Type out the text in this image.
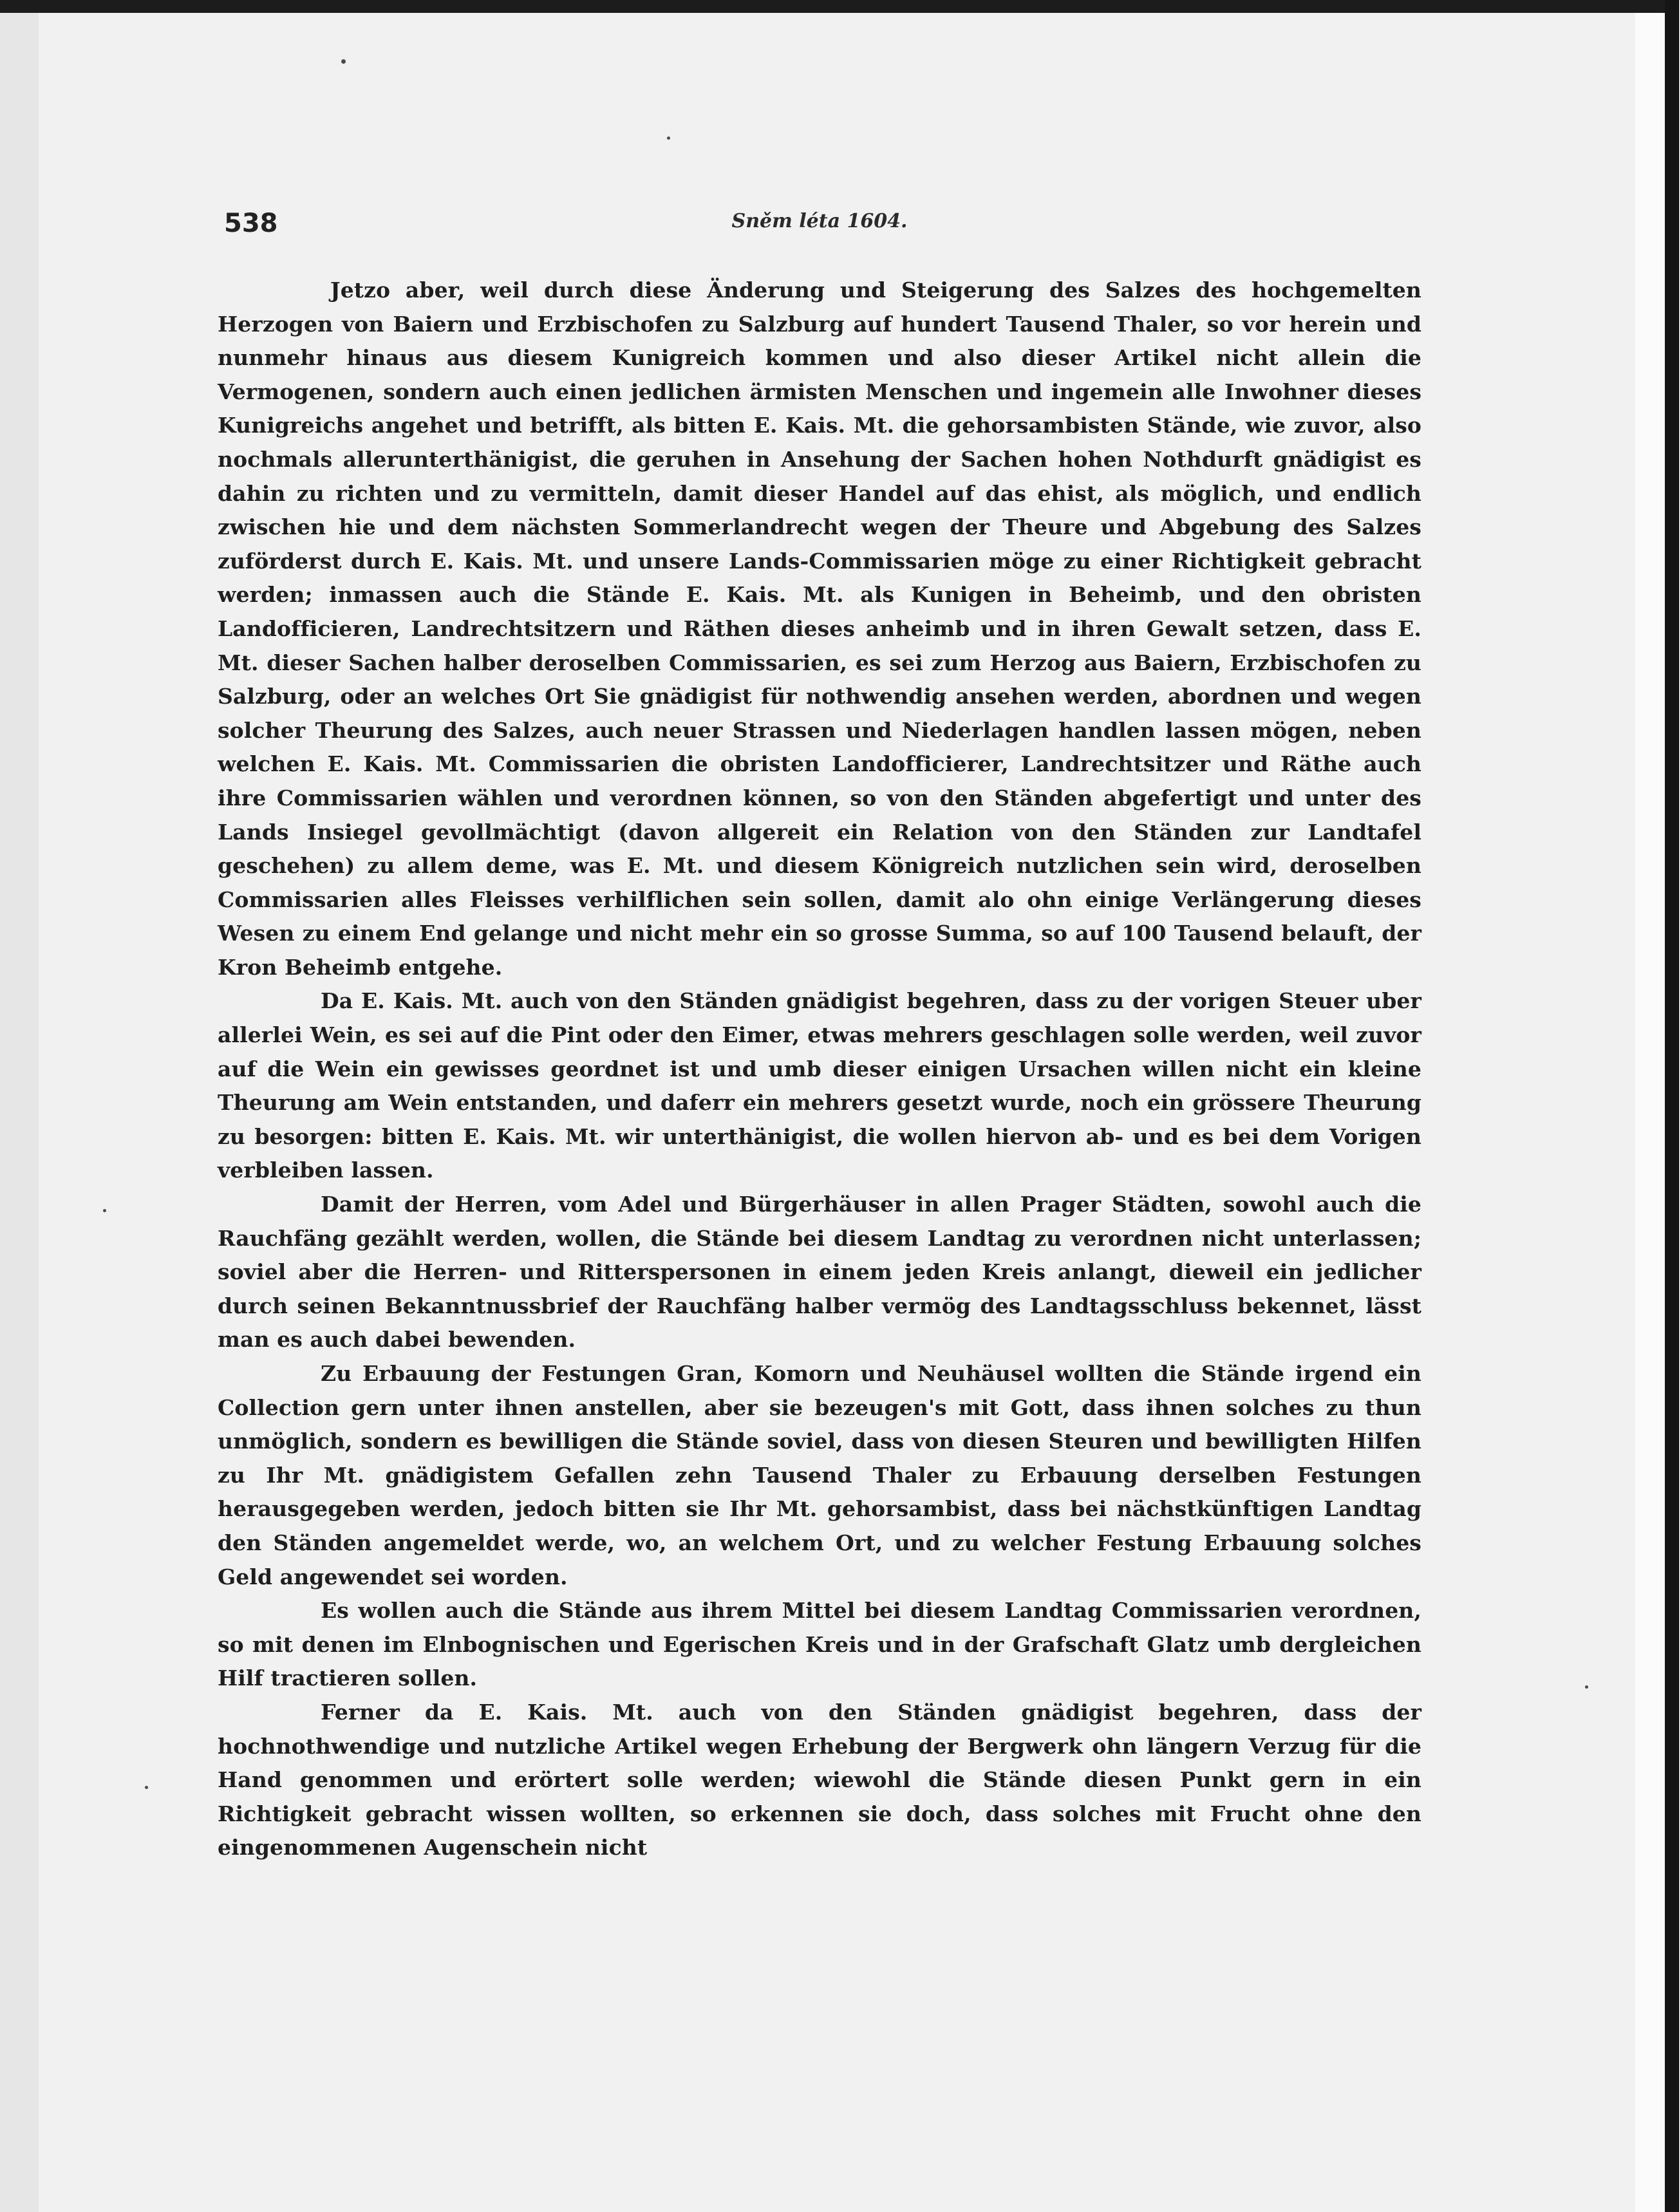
538	Sněm léta 1604.

Jetzo aber, weil durch diese Änderung und Steigerung des Salzes des hochgemelten Herzogen von Baiern und Erzbischofen zu Salzburg auf hundert Tausend Thaler, so vor herein und nunmehr hinaus aus diesem Kunigreich kommen und also dieser Artikel nicht allein die Vermogenen, sondern auch einen jedlichen ärmisten Menschen und ingemein alle Inwohner dieses Kunigreichs angehet und betrifft, als bitten E. Kais. Mt. die gehorsambisten Stände, wie zuvor, also nochmals allerunterthänigist, die geruhen in Ansehung der Sachen hohen Nothdurft gnädigist es dahin zu richten und zu vermitteln, damit dieser Handel auf das ehist, als möglich, und endlich zwischen hie und dem nächsten Sommerlandrecht wegen der Theure und Abgebung des Salzes zuförderst durch E. Kais. Mt. und unsere Lands-Commissarien möge zu einer Richtigkeit gebracht werden; inmassen auch die Stände E. Kais. Mt. als Kunigen in Beheimb, und den obristen Landofficieren, Landrechtsitzern und Räthen dieses anheimb und in ihren Gewalt setzen, dass E. Mt. dieser Sachen halber deroselben Commissarien, es sei zum Herzog aus Baiern, Erzbischofen zu Salzburg, oder an welches Ort Sie gnädigist für nothwendig ansehen werden, abordnen und wegen solcher Theurung des Salzes, auch neuer Strassen und Niederlagen handlen lassen mögen, neben welchen E. Kais. Mt. Commissarien die obristen Landofficierer, Landrechtsitzer und Räthe auch ihre Commissarien wählen und verordnen können, so von den Ständen abgefertigt und unter des Lands Insiegel gevollmächtigt (davon allgereit ein Relation von den Ständen zur Landtafel geschehen) zu allem deme, was E. Mt. und diesem Königreich nutzlichen sein wird, deroselben Commissarien alles Fleisses verhilflichen sein sollen, damit alo ohn einige Verlängerung dieses Wesen zu einem End gelange und nicht mehr ein so grosse Summa, so auf 100 Tausend belauft, der Kron Beheimb entgehe.

Da E. Kais. Mt. auch von den Ständen gnädigist begehren, dass zu der vorigen Steuer uber allerlei Wein, es sei auf die Pint oder den Eimer, etwas mehrers geschlagen solle werden, weil zuvor auf die Wein ein gewisses geordnet ist und umb dieser einigen Ursachen willen nicht ein kleine Theurung am Wein entstanden, und daferr ein mehrers gesetzt wurde, noch ein grössere Theurung zu besorgen: bitten E. Kais. Mt. wir unterthänigist, die wollen hiervon ab- und es bei dem Vorigen verbleiben lassen.

Damit der Herren, vom Adel und Bürgerhäuser in allen Prager Städten, sowohl auch die Rauchfäng gezählt werden, wollen, die Stände bei diesem Landtag zu verordnen nicht unterlassen; soviel aber die Herren- und Ritterspersonen in einem jeden Kreis anlangt, dieweil ein jedlicher durch seinen Bekanntnussbrief der Rauchfäng halber vermög des Landtagsschluss bekennet, lässt man es auch dabei bewenden.

Zu Erbauung der Festungen Gran, Komorn und Neuhäusel wollten die Stände irgend ein Collection gern unter ihnen anstellen, aber sie bezeugen's mit Gott, dass ihnen solches zu thun unmöglich, sondern es bewilligen die Stände soviel, dass von diesen Steuren und bewilligten Hilfen zu Ihr Mt. gnädigistem Gefallen zehn Tausend Thaler zu Erbauung derselben Festungen herausgegeben werden, jedoch bitten sie Ihr Mt. gehorsambist, dass bei nächstkünftigen Landtag den Ständen angemeldet werde, wo, an welchem Ort, und zu welcher Festung Erbauung solches Geld angewendet sei worden.

Es wollen auch die Stände aus ihrem Mittel bei diesem Landtag Commissarien verordnen, so mit denen im Elnbognischen und Egerischen Kreis und in der Grafschaft Glatz umb dergleichen Hilf tractieren sollen.

Ferner da E. Kais. Mt. auch von den Ständen gnädigist begehren, dass der hochnothwendige und nutzliche Artikel wegen Erhebung der Bergwerk ohn längern Verzug für die Hand genommen und erörtert solle werden; wiewohl die Stände diesen Punkt gern in ein Richtigkeit gebracht wissen wollten, so erkennen sie doch, dass solches mit Frucht ohne den eingenommenen Augenschein nicht
